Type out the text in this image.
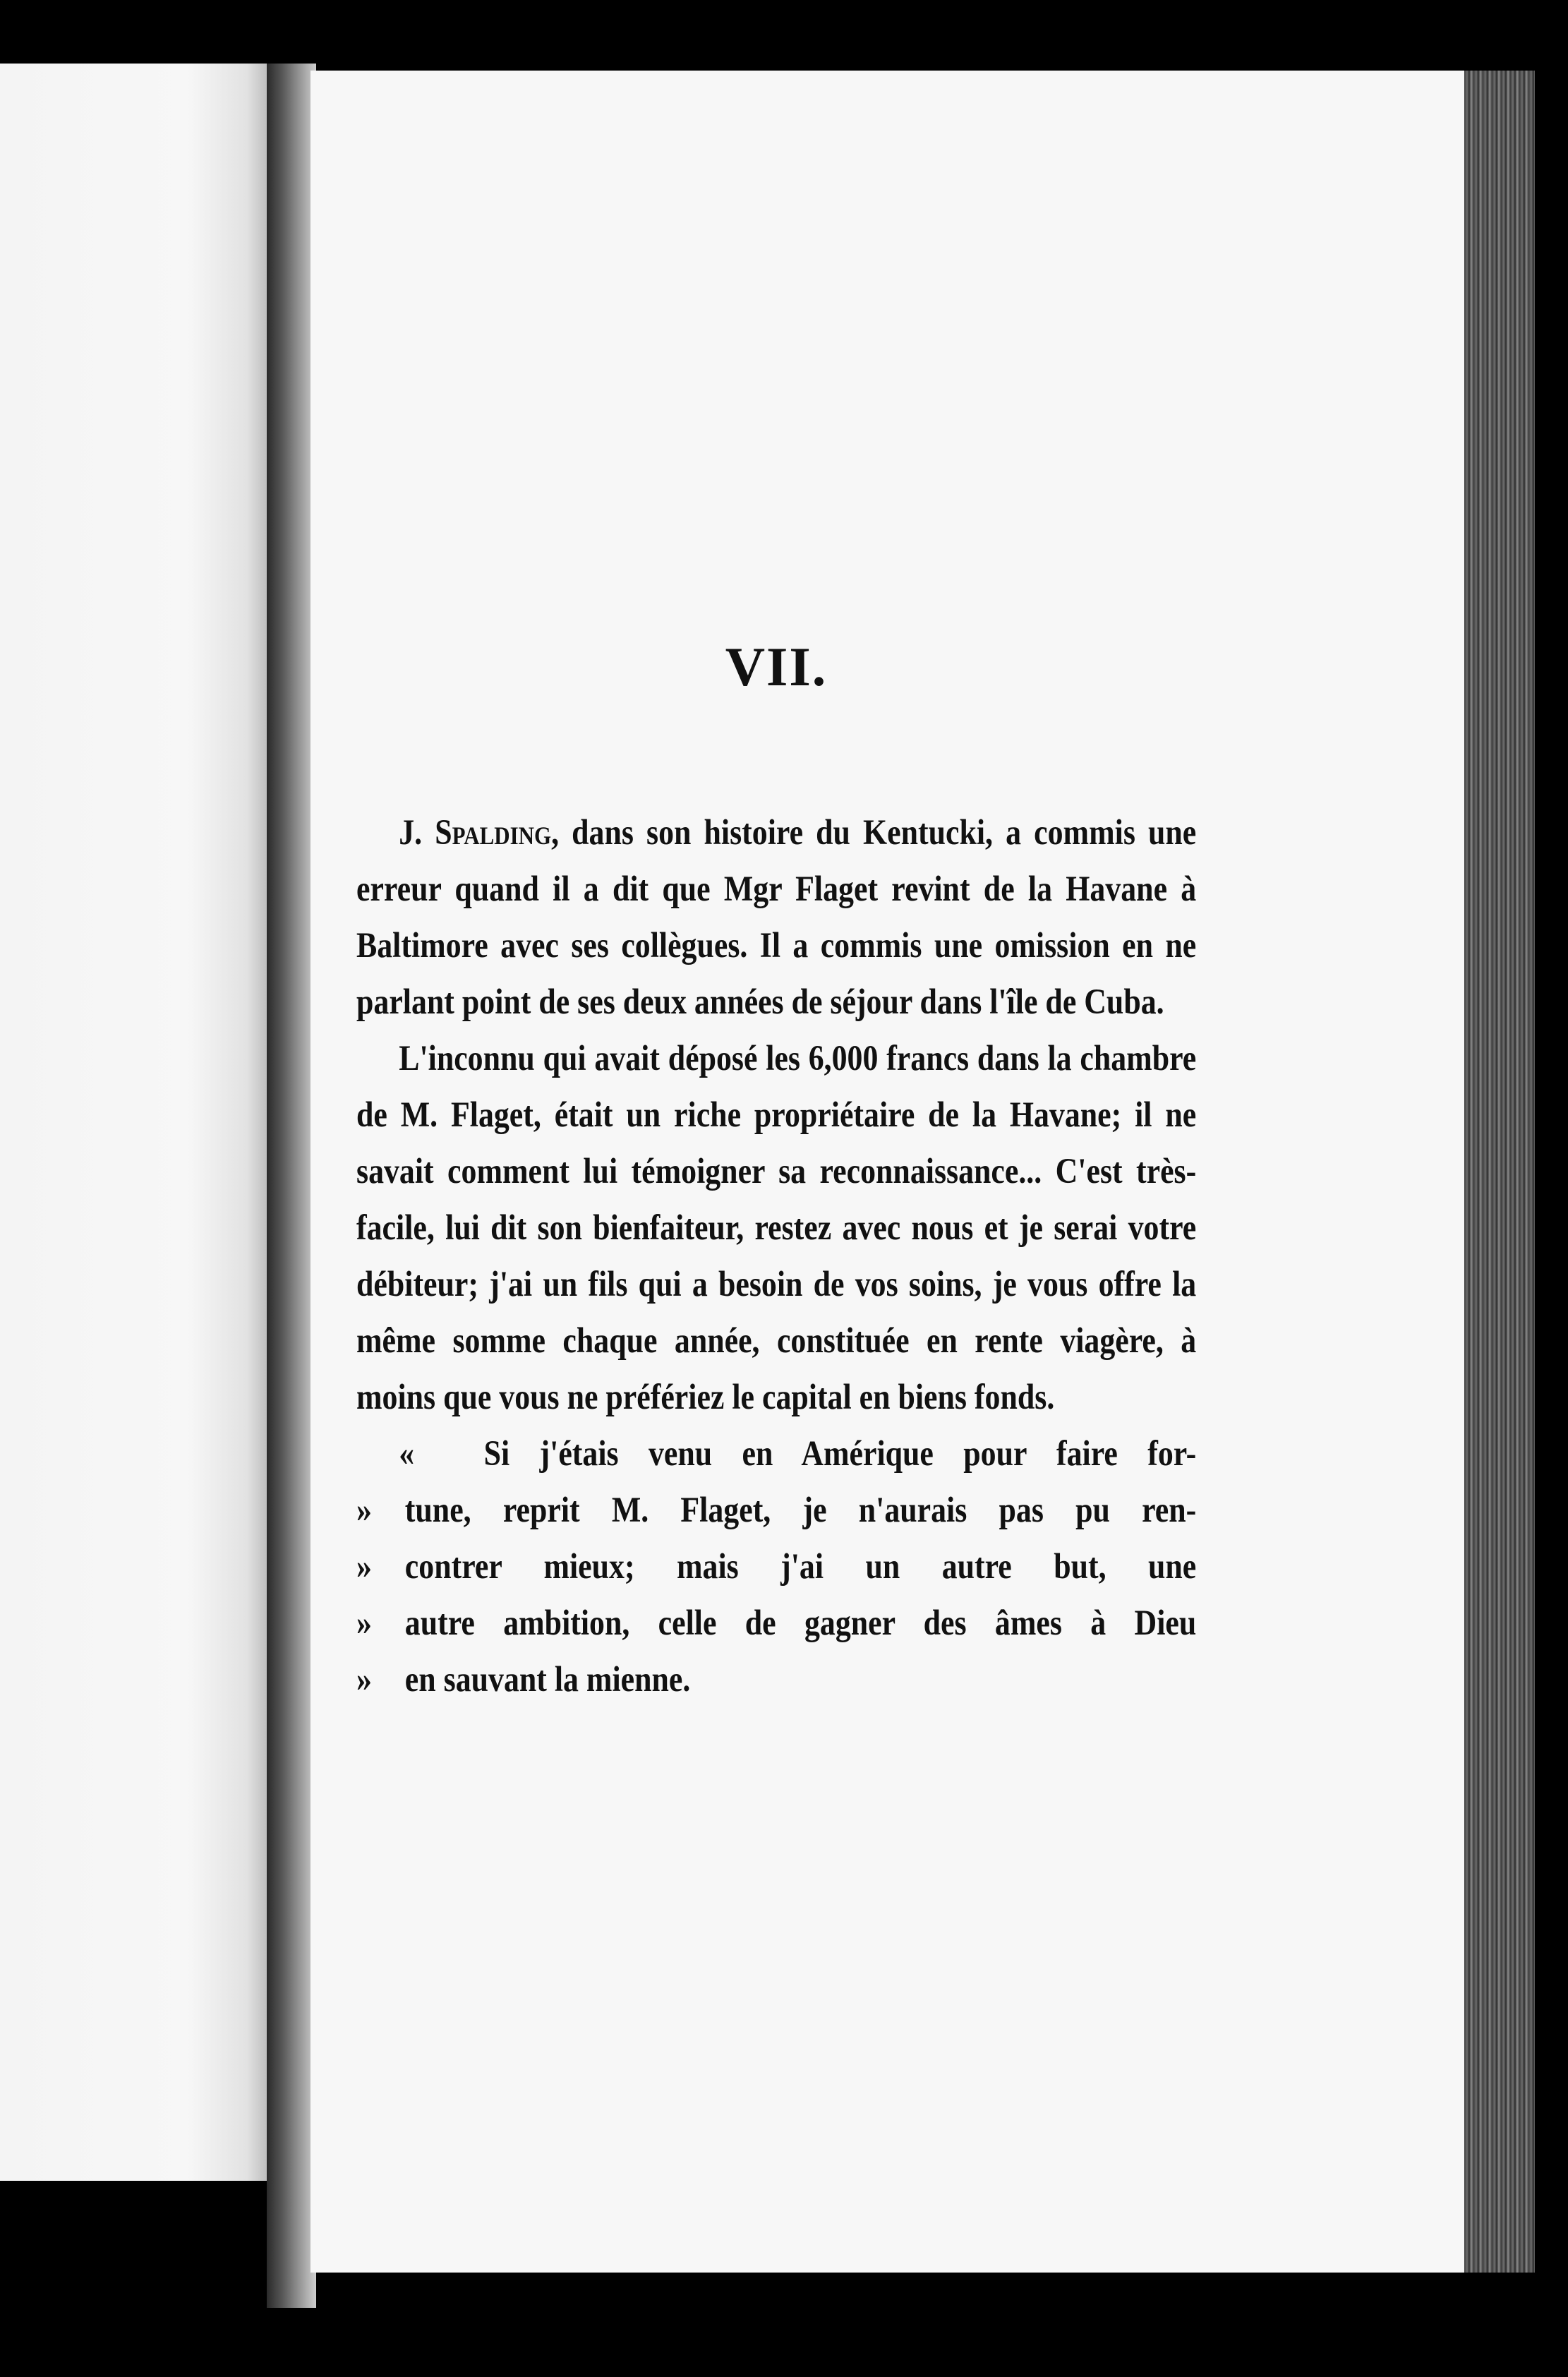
VII.

J. Spalding, dans son histoire du Kentucki, a commis une erreur quand il a dit que Mgr Flaget revint de la Havane à Baltimore avec ses collègues. Il a commis une omission en ne parlant point de ses deux années de séjour dans l'île de Cuba.

L'inconnu qui avait déposé les 6,000 francs dans la chambre de M. Flaget, était un riche propriétaire de la Havane; il ne savait comment lui témoigner sa reconnaissance... C'est très-facile, lui dit son bienfaiteur, restez avec nous et je serai votre débiteur; j'ai un fils qui a besoin de vos soins, je vous offre la même somme chaque année, constituée en rente viagère, à moins que vous ne préfériez le capital en biens fonds.

«	Si j'étais venu en Amérique pour faire for-
» tune, reprit M. Flaget, je n'aurais pas pu ren-
» contrer mieux; mais j'ai un autre but, une
» autre ambition, celle de gagner des âmes à Dieu
» en sauvant la mienne.
